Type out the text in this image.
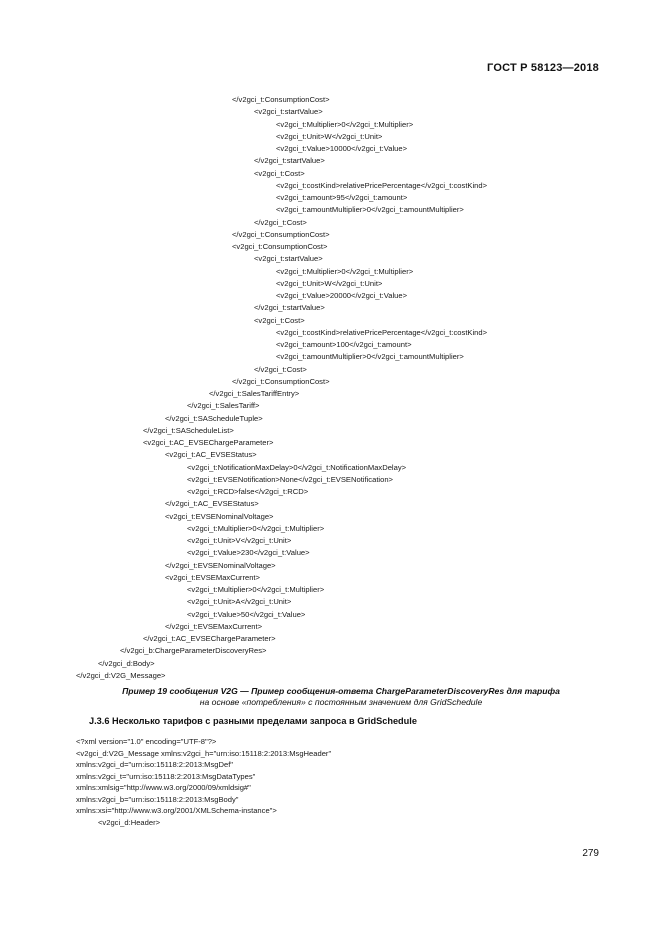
ГОСТ Р 58123—2018
</v2gci_t:ConsumptionCost>
<v2gci_t:startValue>
<v2gci_t:Multiplier>0</v2gci_t:Multiplier>
<v2gci_t:Unit>W</v2gci_t:Unit>
<v2gci_t:Value>10000</v2gci_t:Value>
</v2gci_t:startValue>
<v2gci_t:Cost>
<v2gci_t:costKind>relativePricePercentage</v2gci_t:costKind>
<v2gci_t:amount>95</v2gci_t:amount>
<v2gci_t:amountMultiplier>0</v2gci_t:amountMultiplier>
</v2gci_t:Cost>
</v2gci_t:ConsumptionCost>
<v2gci_t:ConsumptionCost>
<v2gci_t:startValue>
<v2gci_t:Multiplier>0</v2gci_t:Multiplier>
<v2gci_t:Unit>W</v2gci_t:Unit>
<v2gci_t:Value>20000</v2gci_t:Value>
</v2gci_t:startValue>
<v2gci_t:Cost>
<v2gci_t:costKind>relativePricePercentage</v2gci_t:costKind>
<v2gci_t:amount>100</v2gci_t:amount>
<v2gci_t:amountMultiplier>0</v2gci_t:amountMultiplier>
</v2gci_t:Cost>
</v2gci_t:ConsumptionCost>
</v2gci_t:SalesTariffEntry>
</v2gci_t:SalesTariff>
</v2gci_t:SAScheduleTuple>
</v2gci_t:SAScheduleList>
<v2gci_t:AC_EVSEChargeParameter>
<v2gci_t:AC_EVSEStatus>
<v2gci_t:NotificationMaxDelay>0</v2gci_t:NotificationMaxDelay>
<v2gci_t:EVSENotification>None</v2gci_t:EVSENotification>
<v2gci_t:RCD>false</v2gci_t:RCD>
</v2gci_t:AC_EVSEStatus>
<v2gci_t:EVSENominalVoltage>
<v2gci_t:Multiplier>0</v2gci_t:Multiplier>
<v2gci_t:Unit>V</v2gci_t:Unit>
<v2gci_t:Value>230</v2gci_t:Value>
</v2gci_t:EVSENominalVoltage>
<v2gci_t:EVSEMaxCurrent>
<v2gci_t:Multiplier>0</v2gci_t:Multiplier>
<v2gci_t:Unit>A</v2gci_t:Unit>
<v2gci_t:Value>50</v2gci_t:Value>
</v2gci_t:EVSEMaxCurrent>
</v2gci_t:AC_EVSEChargeParameter>
</v2gci_b:ChargeParameterDiscoveryRes>
</v2gci_d:Body>
</v2gci_d:V2G_Message>
Пример 19 сообщения V2G — Пример сообщения-ответа ChargeParameterDiscoveryRes для тарифа
на основе «потребления» с постоянным значением для GridSchedule
J.3.6 Несколько тарифов с разными пределами запроса в GridSchedule
<?xml version="1.0" encoding="UTF-8"?>
<v2gci_d:V2G_Message xmlns:v2gci_h="urn:iso:15118:2:2013:MsgHeader"
xmlns:v2gci_d="urn:iso:15118:2:2013:MsgDef"
xmlns:v2gci_t="urn:iso:15118:2:2013:MsgDataTypes"
xmlns:xmlsig="http://www.w3.org/2000/09/xmldsig#"
xmlns:v2gci_b="urn:iso:15118:2:2013:MsgBody"
xmlns:xsi="http://www.w3.org/2001/XMLSchema-instance">
<v2gci_d:Header>
279
